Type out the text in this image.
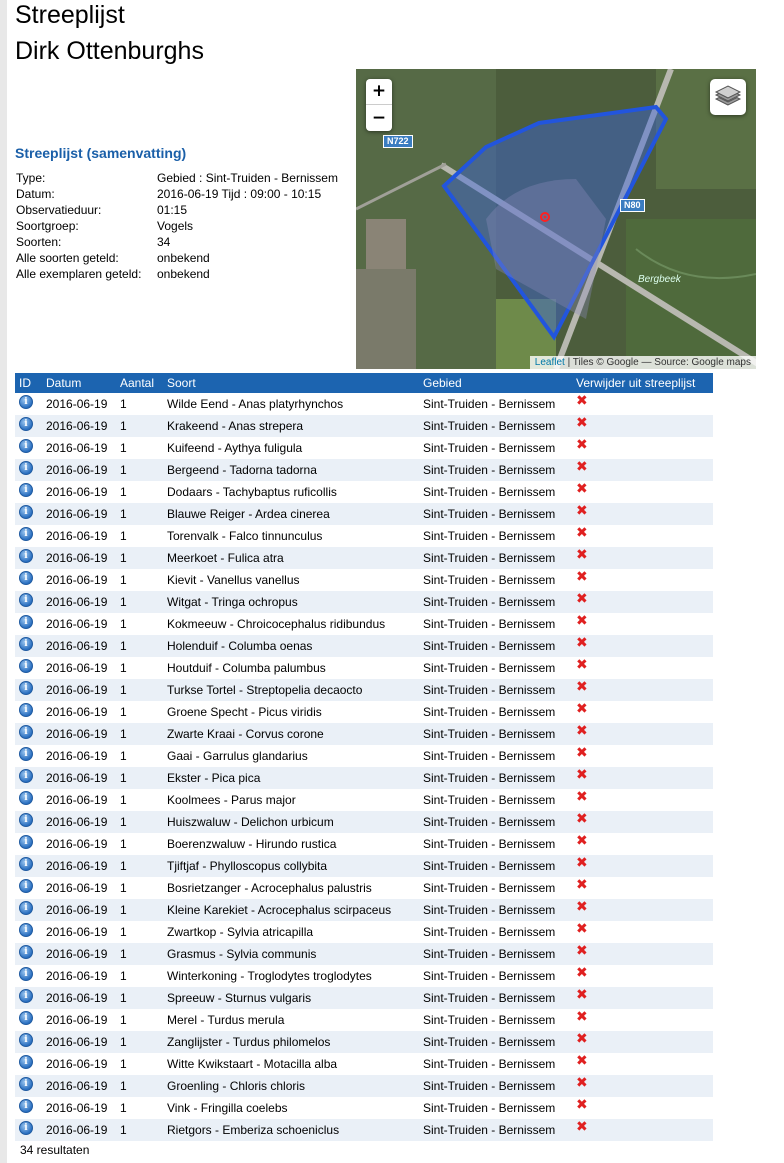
Streeplijst
Dirk Ottenburghs
Streeplijst (samenvatting)
Type:	Gebied : Sint-Truiden - Bernissem
Datum:	2016-06-19 Tijd : 09:00 - 10:15
Observatieduur:	01:15
Soortgroep:	Vogels
Soorten:	34
Alle soorten geteld:	onbekend
Alle exemplaren geteld:	onbekend
N722
N80
Bergbeek
+
−
Leaflet | Tiles © Google — Source: Google maps
ID	Datum	Aantal	Soort	Gebied	Verwijder uit streeplijst
i	2016-06-19	1	Wilde Eend - Anas platyrhynchos	Sint-Truiden - Bernissem	✖
i	2016-06-19	1	Krakeend - Anas strepera	Sint-Truiden - Bernissem	✖
i	2016-06-19	1	Kuifeend - Aythya fuligula	Sint-Truiden - Bernissem	✖
i	2016-06-19	1	Bergeend - Tadorna tadorna	Sint-Truiden - Bernissem	✖
i	2016-06-19	1	Dodaars - Tachybaptus ruficollis	Sint-Truiden - Bernissem	✖
i	2016-06-19	1	Blauwe Reiger - Ardea cinerea	Sint-Truiden - Bernissem	✖
i	2016-06-19	1	Torenvalk - Falco tinnunculus	Sint-Truiden - Bernissem	✖
i	2016-06-19	1	Meerkoet - Fulica atra	Sint-Truiden - Bernissem	✖
i	2016-06-19	1	Kievit - Vanellus vanellus	Sint-Truiden - Bernissem	✖
i	2016-06-19	1	Witgat - Tringa ochropus	Sint-Truiden - Bernissem	✖
i	2016-06-19	1	Kokmeeuw - Chroicocephalus ridibundus	Sint-Truiden - Bernissem	✖
i	2016-06-19	1	Holenduif - Columba oenas	Sint-Truiden - Bernissem	✖
i	2016-06-19	1	Houtduif - Columba palumbus	Sint-Truiden - Bernissem	✖
i	2016-06-19	1	Turkse Tortel - Streptopelia decaocto	Sint-Truiden - Bernissem	✖
i	2016-06-19	1	Groene Specht - Picus viridis	Sint-Truiden - Bernissem	✖
i	2016-06-19	1	Zwarte Kraai - Corvus corone	Sint-Truiden - Bernissem	✖
i	2016-06-19	1	Gaai - Garrulus glandarius	Sint-Truiden - Bernissem	✖
i	2016-06-19	1	Ekster - Pica pica	Sint-Truiden - Bernissem	✖
i	2016-06-19	1	Koolmees - Parus major	Sint-Truiden - Bernissem	✖
i	2016-06-19	1	Huiszwaluw - Delichon urbicum	Sint-Truiden - Bernissem	✖
i	2016-06-19	1	Boerenzwaluw - Hirundo rustica	Sint-Truiden - Bernissem	✖
i	2016-06-19	1	Tjiftjaf - Phylloscopus collybita	Sint-Truiden - Bernissem	✖
i	2016-06-19	1	Bosrietzanger - Acrocephalus palustris	Sint-Truiden - Bernissem	✖
i	2016-06-19	1	Kleine Karekiet - Acrocephalus scirpaceus	Sint-Truiden - Bernissem	✖
i	2016-06-19	1	Zwartkop - Sylvia atricapilla	Sint-Truiden - Bernissem	✖
i	2016-06-19	1	Grasmus - Sylvia communis	Sint-Truiden - Bernissem	✖
i	2016-06-19	1	Winterkoning - Troglodytes troglodytes	Sint-Truiden - Bernissem	✖
i	2016-06-19	1	Spreeuw - Sturnus vulgaris	Sint-Truiden - Bernissem	✖
i	2016-06-19	1	Merel - Turdus merula	Sint-Truiden - Bernissem	✖
i	2016-06-19	1	Zanglijster - Turdus philomelos	Sint-Truiden - Bernissem	✖
i	2016-06-19	1	Witte Kwikstaart - Motacilla alba	Sint-Truiden - Bernissem	✖
i	2016-06-19	1	Groenling - Chloris chloris	Sint-Truiden - Bernissem	✖
i	2016-06-19	1	Vink - Fringilla coelebs	Sint-Truiden - Bernissem	✖
i	2016-06-19	1	Rietgors - Emberiza schoeniclus	Sint-Truiden - Bernissem	✖
34 resultaten
